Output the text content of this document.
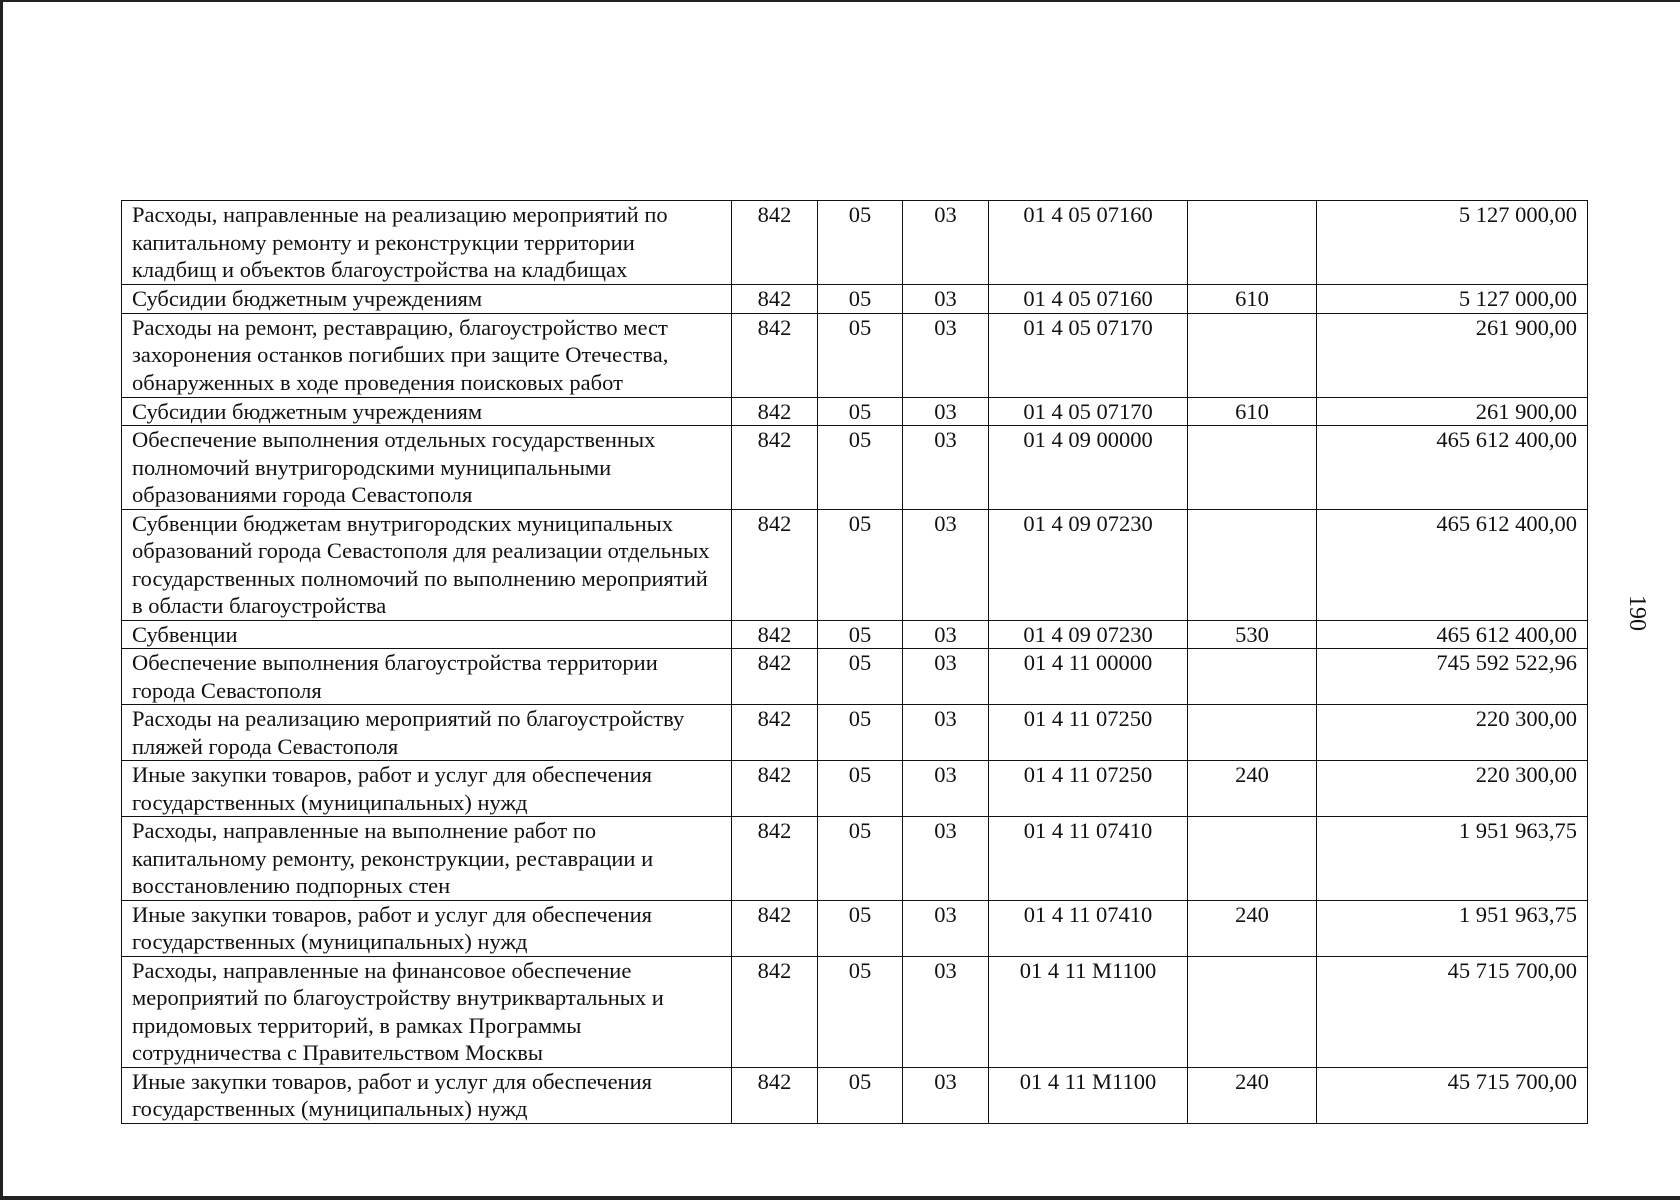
190
Расходы, направленные на реализацию мероприятий по капитальному ремонту и реконструкции территории кладбищ и объектов благоустройства на кладбищах	842	05	03	01 4 05 07160		5 127 000,00
Субсидии бюджетным учреждениям	842	05	03	01 4 05 07160	610	5 127 000,00
Расходы на ремонт, реставрацию, благоустройство мест захоронения останков погибших при защите Отечества, обнаруженных в ходе проведения поисковых работ	842	05	03	01 4 05 07170		261 900,00
Субсидии бюджетным учреждениям	842	05	03	01 4 05 07170	610	261 900,00
Обеспечение выполнения отдельных государственных полномочий внутригородскими муниципальными образованиями города Севастополя	842	05	03	01 4 09 00000		465 612 400,00
Субвенции бюджетам внутригородских муниципальных образований города Севастополя для реализации отдельных государственных полномочий по выполнению мероприятий в области благоустройства	842	05	03	01 4 09 07230		465 612 400,00
Субвенции	842	05	03	01 4 09 07230	530	465 612 400,00
Обеспечение выполнения благоустройства территории города Севастополя	842	05	03	01 4 11 00000		745 592 522,96
Расходы на реализацию мероприятий по благоустройству пляжей города Севастополя	842	05	03	01 4 11 07250		220 300,00
Иные закупки товаров, работ и услуг для обеспечения государственных (муниципальных) нужд	842	05	03	01 4 11 07250	240	220 300,00
Расходы, направленные на выполнение работ по капитальному ремонту, реконструкции, реставрации и восстановлению подпорных стен	842	05	03	01 4 11 07410		1 951 963,75
Иные закупки товаров, работ и услуг для обеспечения государственных (муниципальных) нужд	842	05	03	01 4 11 07410	240	1 951 963,75
Расходы, направленные на финансовое обеспечение мероприятий по благоустройству внутриквартальных и придомовых территорий, в рамках Программы сотрудничества с Правительством Москвы	842	05	03	01 4 11 М1100		45 715 700,00
Иные закупки товаров, работ и услуг для обеспечения государственных (муниципальных) нужд	842	05	03	01 4 11 М1100	240	45 715 700,00
